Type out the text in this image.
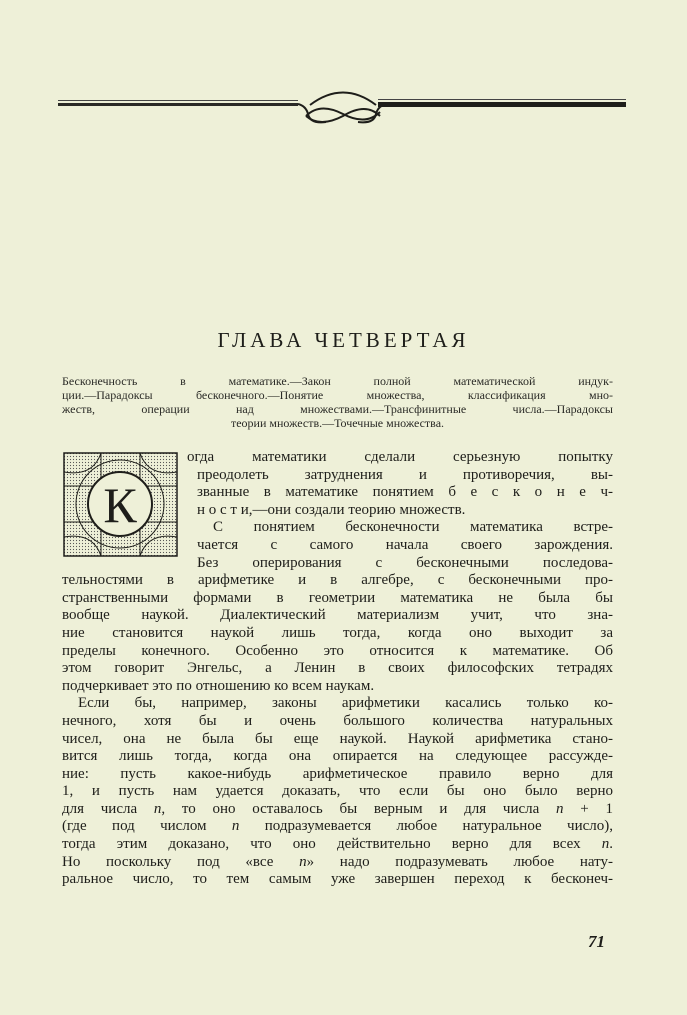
ГЛАВА ЧЕТВЕРТАЯ
Бесконечность в математике.—Закон полной математической индук-
ции.—Парадоксы бесконечного.—Понятие множества, классификация мно-
жеств, операции над множествами.—Трансфинитные числа.—Парадоксы
теории множеств.—Точечные множества.
К
огда математики сделали серьезную попытку
преодолеть затруднения и противоречия, вы-
званные в математике понятием б е с к о н е ч-
н о с т и,—они создали теорию множеств.
С понятием бесконечности математика встре-
чается с самого начала своего зарождения.
Без оперирования с бесконечными последова-
тельностями в арифметике и в алгебре, с бесконечными про-
странственными формами в геометрии математика не была бы
вообще наукой. Диалектический материализм учит, что зна-
ние становится наукой лишь тогда, когда оно выходит за
пределы конечного. Особенно это относится к математике. Об
этом говорит Энгельс, а Ленин в своих философских тетрадях
подчеркивает это по отношению ко всем наукам.
Если бы, например, законы арифметики касались только ко-
нечного, хотя бы и очень большого количества натуральных
чисел, она не была бы еще наукой. Наукой арифметика стано-
вится лишь тогда, когда она опирается на следующее рассужде-
ние: пусть какое-нибудь арифметическое правило верно для
1, и пусть нам удается доказать, что если бы оно было верно
для числа n, то оно оставалось бы верным и для числа n + 1
(где под числом n подразумевается любое натуральное число),
тогда этим доказано, что оно действительно верно для всех n.
Но поскольку под «все n» надо подразумевать любое нату-
ральное число, то тем самым уже завершен переход к бесконеч-
71
